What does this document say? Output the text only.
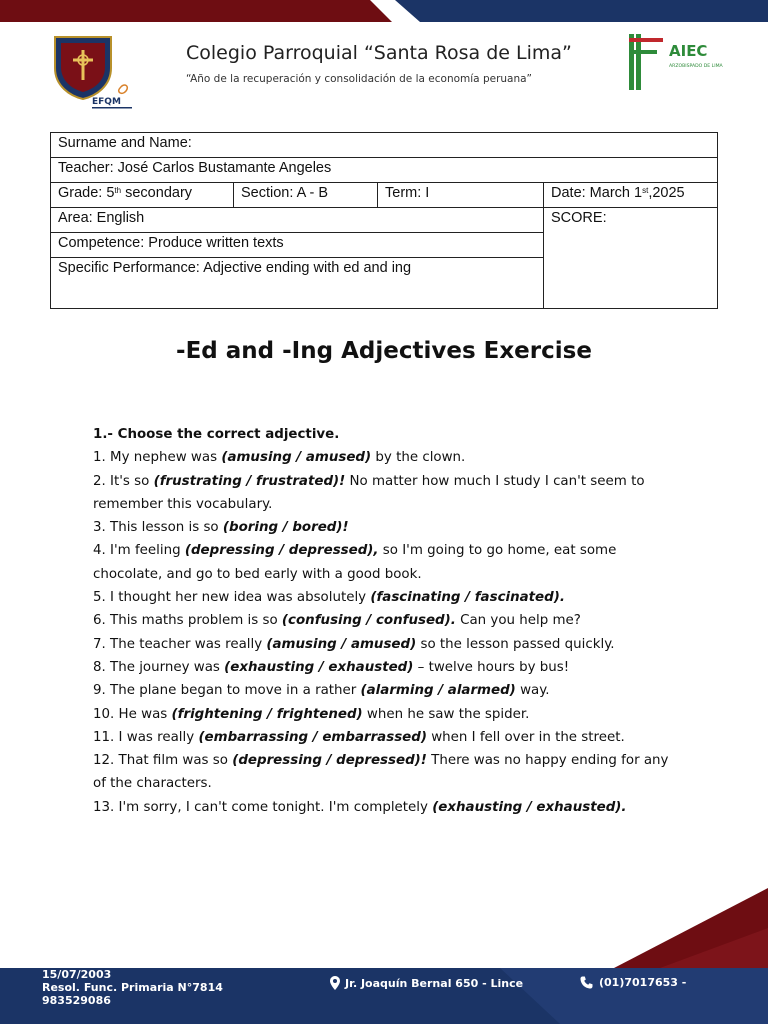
EFQM
Colegio Parroquial “Santa Rosa de Lima”
“Año de la recuperación y consolidación de la economía peruana”
AIEC
ARZOBISPADO DE LIMA
Surname and Name:
Teacher: José Carlos Bustamante Angeles
Grade: 5th secondary	Section: A - B	Term: I	Date: March 1st,2025
Area: English
Competence: Produce written texts
Specific Performance: Adjective ending with ed and ing
SCORE:
-Ed and -Ing Adjectives Exercise
1.- Choose the correct adjective.
1. My nephew was (amusing / amused) by the clown.
2. It's so (frustrating / frustrated)! No matter how much I study I can't seem to remember this vocabulary.
3. This lesson is so (boring / bored)!
4. I'm feeling (depressing / depressed), so I'm going to go home, eat some chocolate, and go to bed early with a good book.
5. I thought her new idea was absolutely (fascinating / fascinated).
6. This maths problem is so (confusing / confused). Can you help me?
7. The teacher was really (amusing / amused) so the lesson passed quickly.
8. The journey was (exhausting / exhausted) – twelve hours by bus!
9. The plane began to move in a rather (alarming / alarmed) way.
10. He was (frightening / frightened) when he saw the spider.
11. I was really (embarrassing / embarrassed) when I fell over in the street.
12. That film was so (depressing / depressed)! There was no happy ending for any of the characters.
13. I'm sorry, I can't come tonight. I'm completely (exhausting / exhausted).
15/07/2003
Resol. Func. Primaria N°7814
983529086
Jr. Joaquín Bernal 650 - Lince	(01)7017653 -
